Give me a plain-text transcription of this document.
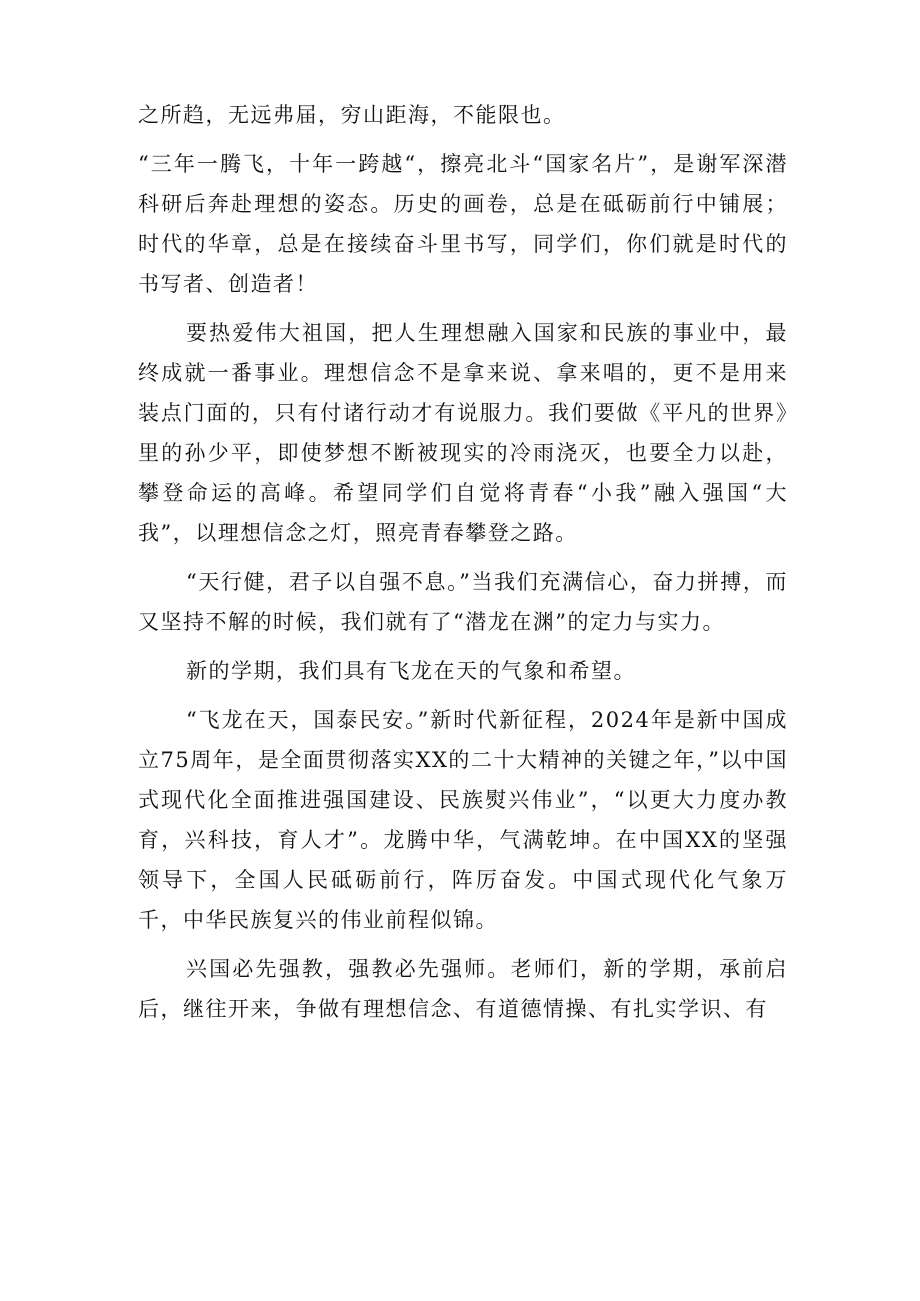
之所趋，无远弗届，穷山距海，不能限也。

“三年一腾飞，十年一跨越“，擦亮北斗“国家名片”，是谢军深潜科研后奔赴理想的姿态。历史的画卷，总是在砥砺前行中铺展；时代的华章，总是在接续奋斗里书写，同学们，你们就是时代的书写者、创造者！

要热爱伟大祖国，把人生理想融入国家和民族的事业中，最终成就一番事业。理想信念不是拿来说、拿来唱的，更不是用来装点门面的，只有付诸行动才有说服力。我们要做《平凡的世界》里的孙少平，即使梦想不断被现实的冷雨浇灭，也要全力以赴，攀登命运的高峰。希望同学们自觉将青春“小我”融入强国“大我”，以理想信念之灯，照亮青春攀登之路。

“天行健，君子以自强不息。”当我们充满信心，奋力拼搏，而又坚持不解的时候，我们就有了“潜龙在渊”的定力与实力。

新的学期，我们具有飞龙在天的气象和希望。

“飞龙在天，国泰民安。”新时代新征程，2024年是新中国成立75周年，是全面贯彻落实XX的二十大精神的关键之年，”以中国式现代化全面推进强国建设、民族熨兴伟业”，“以更大力度办教育，兴科技，育人才”。龙腾中华，气满乾坤。在中国XX的坚强领导下，全国人民砥砺前行，阵厉奋发。中国式现代化气象万千，中华民族复兴的伟业前程似锦。

兴国必先强教，强教必先强师。老师们，新的学期，承前启后，继往开来，争做有理想信念、有道德情操、有扎实学识、有
